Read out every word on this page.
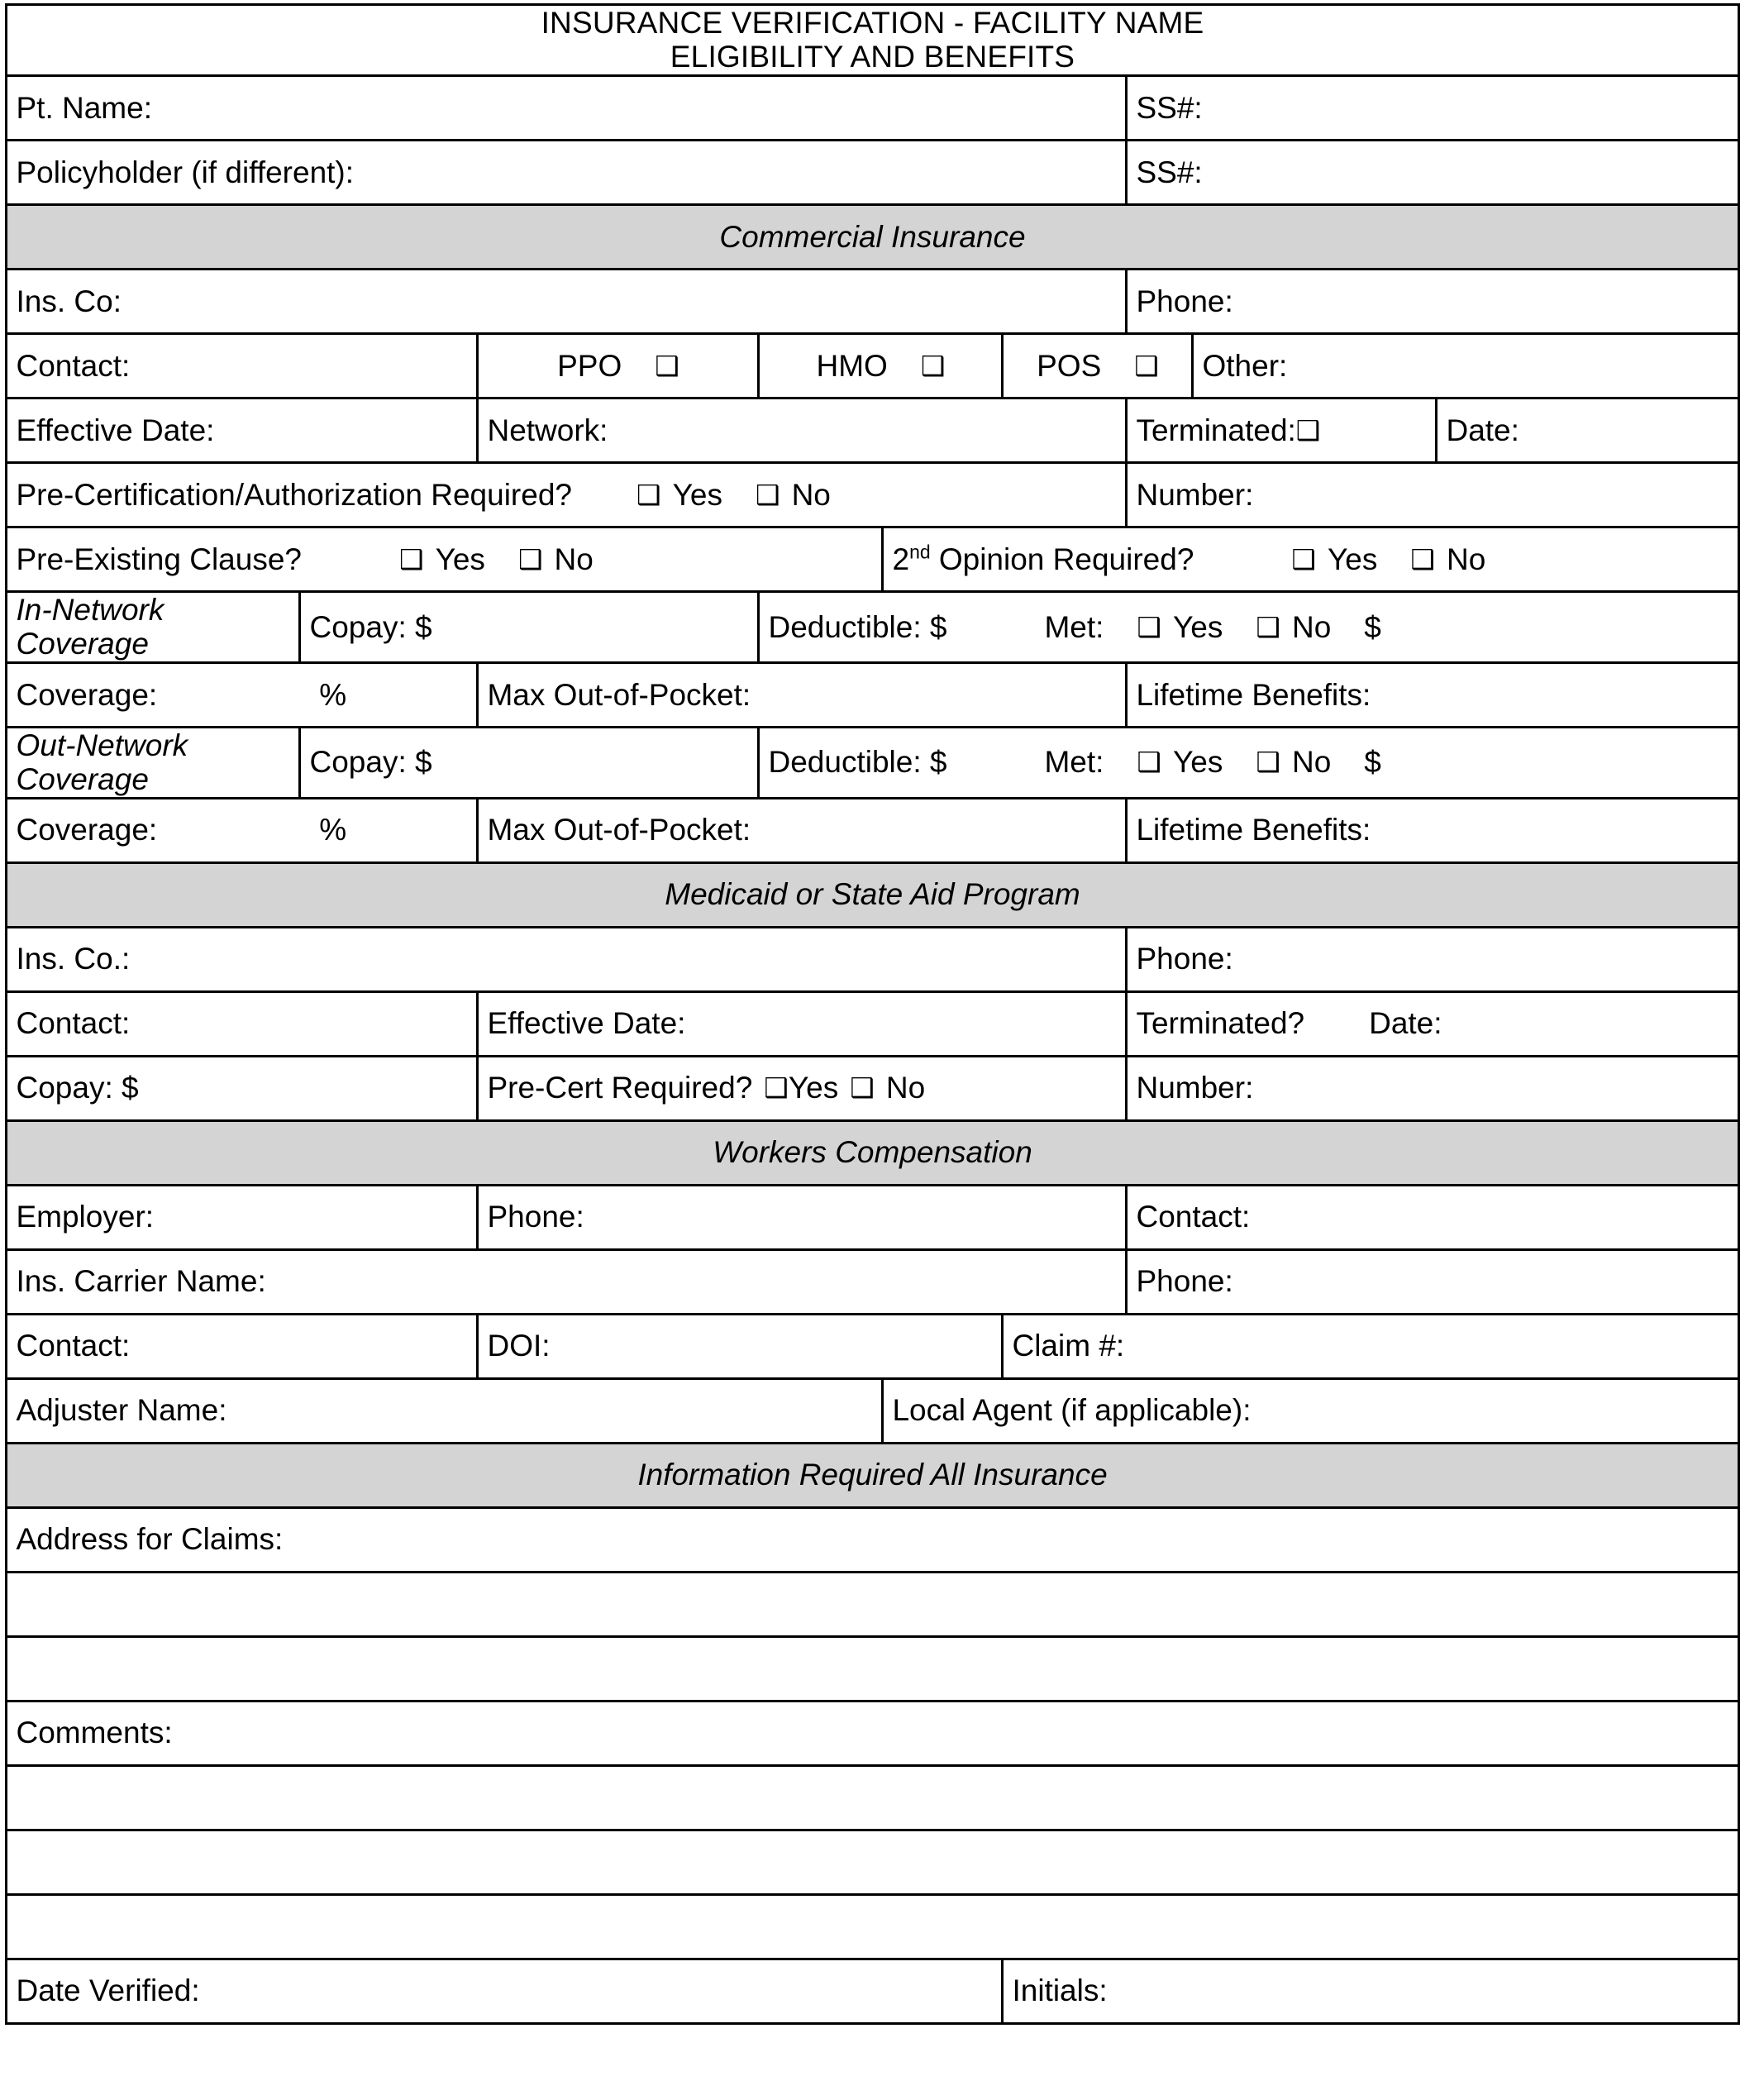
INSURANCE VERIFICATION - FACILITY NAME
ELIGIBILITY AND BENEFITS								

Pt. Name:						SS#:		
Policyholder (if different):						SS#:		
Commercial Insurance								
Ins. Co:						Phone:		
Contact:		PPO ❑	HMO ❑		POS ❑		Other:	
Effective Date:		Network:				Terminated:❑		Date:
Pre-Certification/Authorization Required? ❑ Yes ❑ No						Number:		
Pre-Existing Clause? ❑ Yes ❑ No				2nd Opinion Required? ❑ Yes ❑ No				
In-Network Coverage	Copay: $		Deductible: $ Met: ❑ Yes ❑ No $					
Coverage: %		Max Out-of-Pocket:				Lifetime Benefits:		
Out-Network Coverage	Copay: $		Deductible: $ Met: ❑ Yes ❑ No $					
Coverage: %		Max Out-of-Pocket:				Lifetime Benefits:		
Medicaid or State Aid Program								
Ins. Co.:						Phone:		
Contact:		Effective Date:				Terminated? Date:		
Copay: $		Pre-Cert Required? ❑Yes ❑ No				Number:		
Workers Compensation								
Employer:		Phone:				Contact:		
Ins. Carrier Name:						Phone:		
Contact:		DOI:			Claim #:			
Adjuster Name:				Local Agent (if applicable):				
Information Required All Insurance								
Address for Claims:								

Comments:								

Date Verified:					Initials:			
